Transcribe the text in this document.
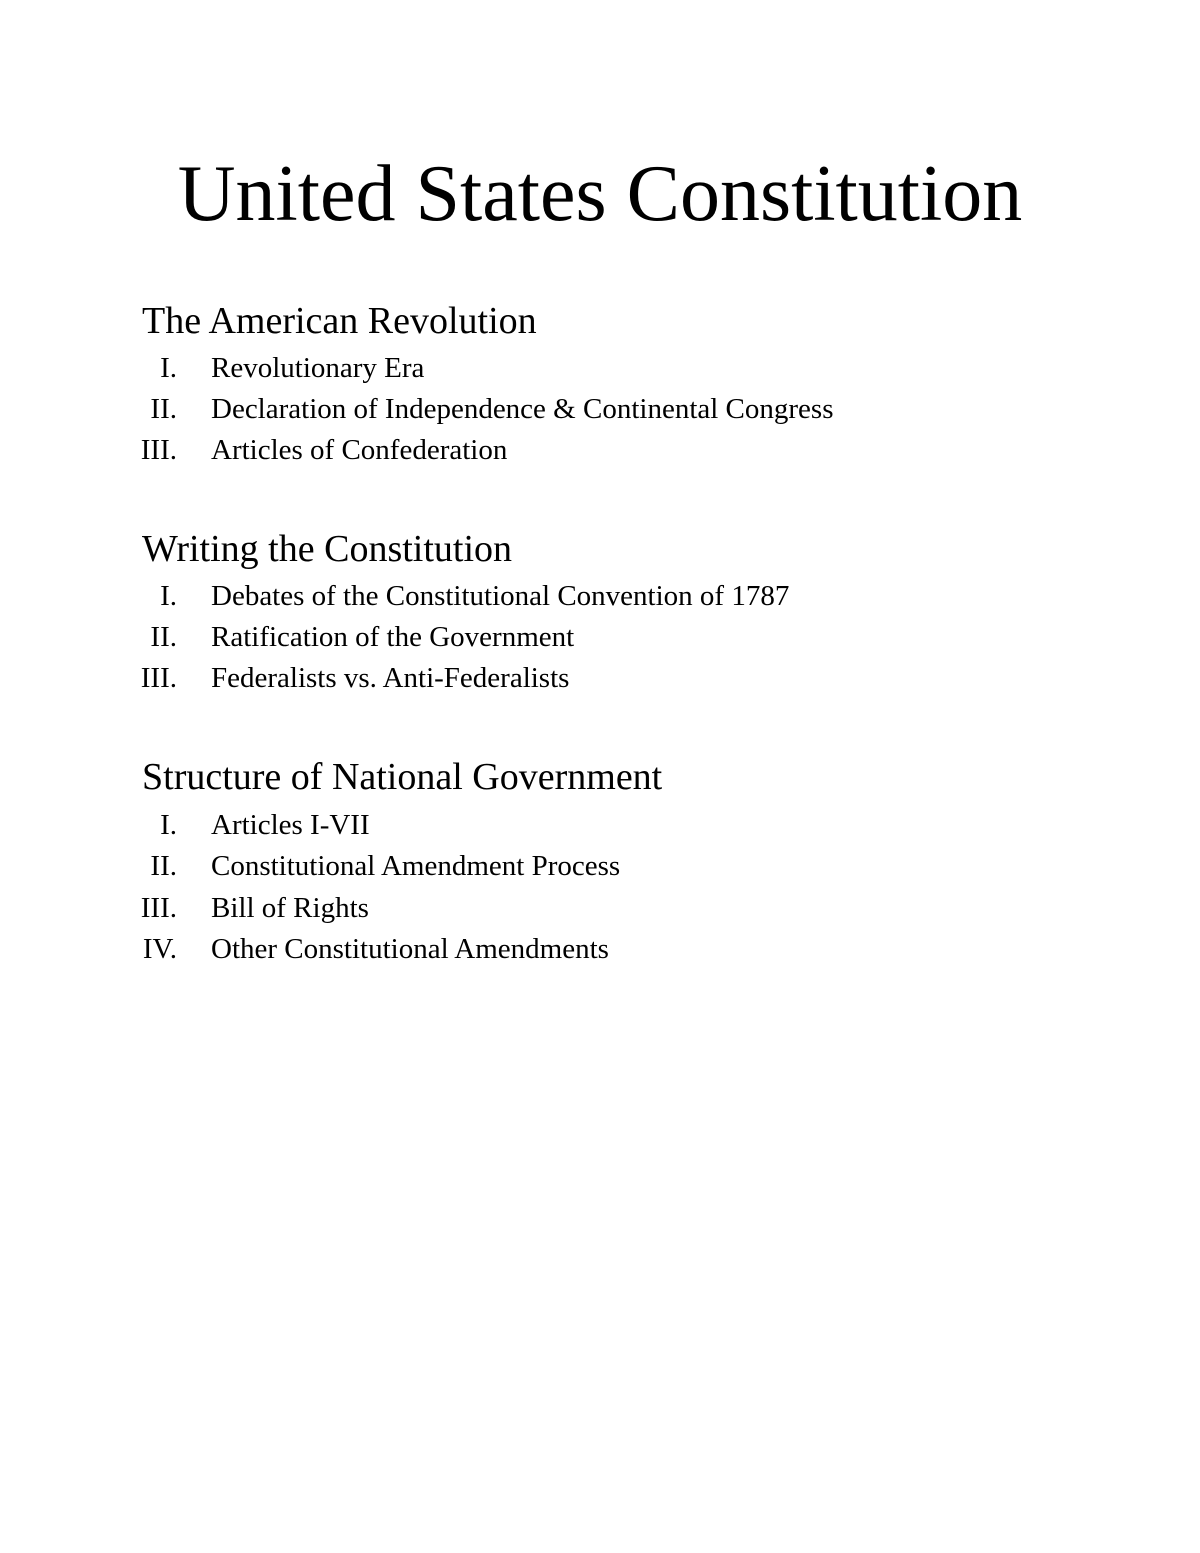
United States Constitution
The American Revolution
I. Revolutionary Era
II. Declaration of Independence & Continental Congress
III. Articles of Confederation
Writing the Constitution
I. Debates of the Constitutional Convention of 1787
II. Ratification of the Government
III. Federalists vs. Anti-Federalists
Structure of National Government
I. Articles I-VII
II. Constitutional Amendment Process
III. Bill of Rights
IV. Other Constitutional Amendments
